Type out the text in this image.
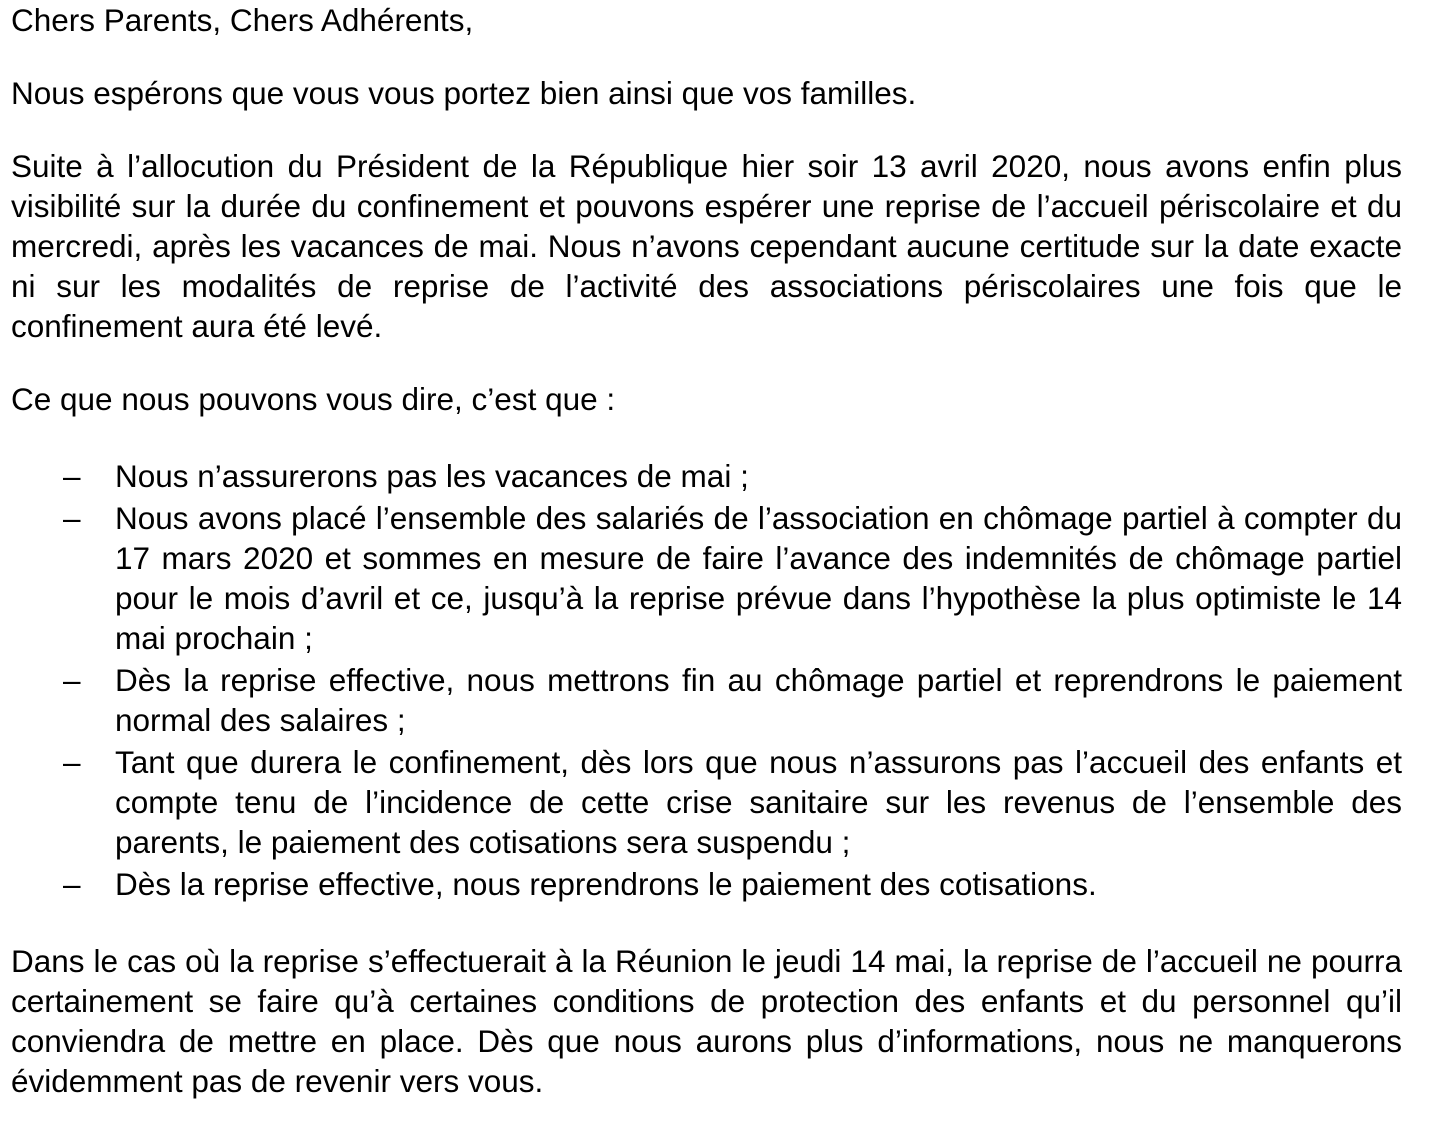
Chers Parents, Chers Adhérents,

Nous espérons que vous vous portez bien ainsi que vos familles.

Suite à l’allocution du Président de la République hier soir 13 avril 2020, nous avons enfin plus visibilité sur la durée du confinement et pouvons espérer une reprise de l’accueil périscolaire et du mercredi, après les vacances de mai. Nous n’avons cependant aucune certitude sur la date exacte ni sur les modalités de reprise de l’activité des associations périscolaires une fois que le confinement aura été levé.

Ce que nous pouvons vous dire, c’est que :

– Nous n’assurerons pas les vacances de mai ;
– Nous avons placé l’ensemble des salariés de l’association en chômage partiel à compter du 17 mars 2020 et sommes en mesure de faire l’avance des indemnités de chômage partiel pour le mois d’avril et ce, jusqu’à la reprise prévue dans l’hypothèse la plus optimiste le 14 mai prochain ;
– Dès la reprise effective, nous mettrons fin au chômage partiel et reprendrons le paiement normal des salaires ;
– Tant que durera le confinement, dès lors que nous n’assurons pas l’accueil des enfants et compte tenu de l’incidence de cette crise sanitaire sur les revenus de l’ensemble des parents, le paiement des cotisations sera suspendu ;
– Dès la reprise effective, nous reprendrons le paiement des cotisations.

Dans le cas où la reprise s’effectuerait à la Réunion le jeudi 14 mai, la reprise de l’accueil ne pourra certainement se faire qu’à certaines conditions de protection des enfants et du personnel qu’il conviendra de mettre en place. Dès que nous aurons plus d’informations, nous ne manquerons évidemment pas de revenir vers vous.
